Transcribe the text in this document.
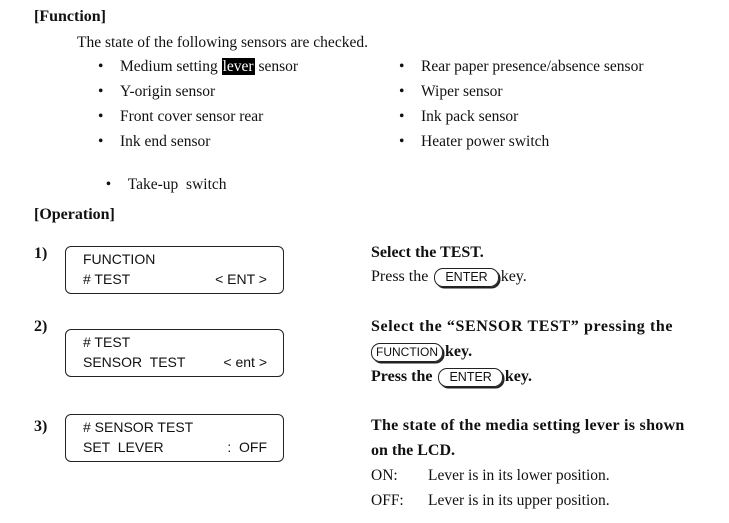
[Function]
The state of the following sensors are checked.
• Medium setting lever sensor
• Y-origin sensor
• Front cover sensor rear
• Ink end sensor

• Take-up  switch

• Rear paper presence/absence sensor
• Wiper sensor
• Ink pack sensor
• Heater power switch
[Operation]
1)	FUNCTION
# TEST	< ENT >
Select the TEST.
Press the ENTER key.
2)
# TEST
SENSOR  TEST	< ent >
Select the “SENSOR TEST” pressing the
FUNCTION key.
Press the ENTER key.
3)	# SENSOR TEST
SET  LEVER	:  OFF
The state of the media setting lever is shown
on the LCD.
ON: Lever is in its lower position.
OFF: Lever is in its upper position.
